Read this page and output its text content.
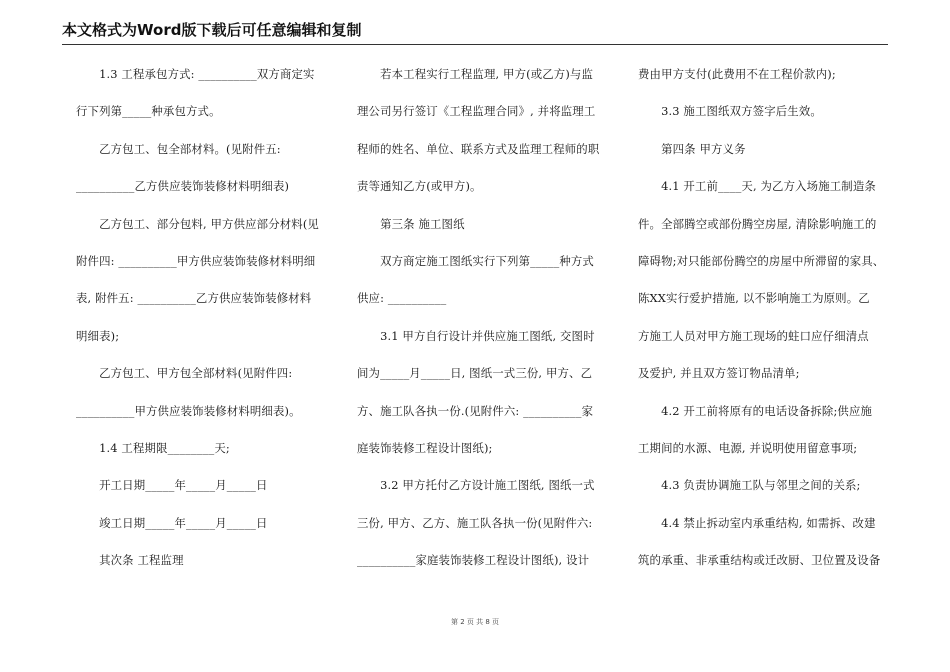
本文格式为Word版下载后可任意编辑和复制
　　1.3 工程承包方式: __________双方商定实
行下列第_____种承包方式。
　　乙方包工、包全部材料。(见附件五:
__________乙方供应装饰装修材料明细表)
　　乙方包工、部分包料, 甲方供应部分材料(见
附件四: __________甲方供应装饰装修材料明细
表, 附件五: __________乙方供应装饰装修材料
明细表);
　　乙方包工、甲方包全部材料(见附件四:
__________甲方供应装饰装修材料明细表)。
　　1.4 工程期限________天;
　　开工日期_____年_____月_____日
　　竣工日期_____年_____月_____日
　　其次条 工程监理
　　若本工程实行工程监理, 甲方(或乙方)与监
理公司另行签订《工程监理合同》, 并将监理工
程师的姓名、单位、联系方式及监理工程师的职
责等通知乙方(或甲方)。
　　第三条 施工图纸
　　双方商定施工图纸实行下列第_____种方式
供应: __________
　　3.1 甲方自行设计并供应施工图纸, 交图时
间为_____月_____日, 图纸一式三份, 甲方、乙
方、施工队各执一份.(见附件六: __________家
庭装饰装修工程设计图纸);
　　3.2 甲方托付乙方设计施工图纸, 图纸一式
三份, 甲方、乙方、施工队各执一份(见附件六:
__________家庭装饰装修工程设计图纸), 设计
费由甲方支付(此费用不在工程价款内);
　　3.3 施工图纸双方签字后生效。
　　第四条 甲方义务
　　4.1 开工前____天, 为乙方入场施工制造条
件。全部腾空或部份腾空房屋, 清除影响施工的
障碍物;对只能部份腾空的房屋中所滞留的家具、
陈XX实行爱护措施, 以不影响施工为原则。乙
方施工人员对甲方施工现场的蛀口应仔细清点
及爱护, 并且双方签订物品清单;
　　4.2 开工前将原有的电话设备拆除;供应施
工期间的水源、电源, 并说明使用留意事项;
　　4.3 负责协调施工队与邻里之间的关系;
　　4.4 禁止拆动室内承重结构, 如需拆、改建
筑的承重、非承重结构或迁改厨、卫位置及设备
第 2 页 共 8 页
